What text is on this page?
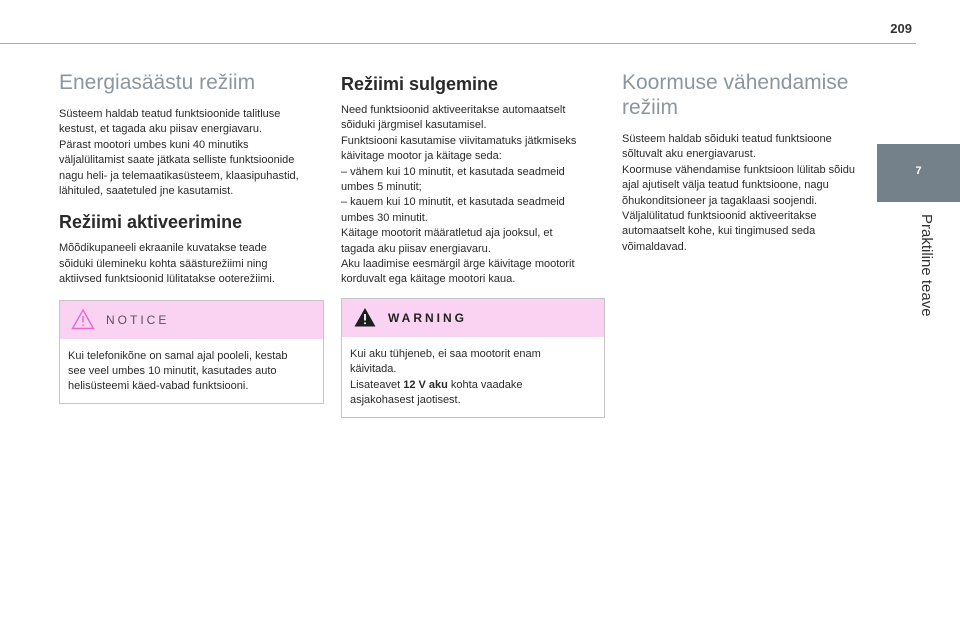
209
7
Praktiline teave
Energiasäästu režiim

Süsteem haldab teatud funktsioonide talitluse
kestust, et tagada aku piisav energiavaru.
Pärast mootori umbes kuni 40 minutiks
väljalülitamist saate jätkata selliste funktsioonide
nagu heli- ja telemaatikasüsteem, klaasipuhastid,
lähituled, saatetuled jne kasutamist.

Režiimi aktiveerimine

Mõõdikupaneeli ekraanile kuvatakse teade
sõiduki ülemineku kohta säästurežiimi ning
aktiivsed funktsioonid lülitatakse ooterežiimi.

NOTICE

Kui telefonikõne on samal ajal pooleli, kestab
see veel umbes 10 minutit, kasutades auto
helisüsteemi käed-vabad funktsiooni.

Režiimi sulgemine

Need funktsioonid aktiveeritakse automaatselt
sõiduki järgmisel kasutamisel.
Funktsiooni kasutamise viivitamatuks jätkmiseks
käivitage mootor ja käitage seda:

– vähem kui 10 minutit, et kasutada seadmeid
umbes 5 minutit;

– kauem kui 10 minutit, et kasutada seadmeid
umbes 30 minutit.

Käitage mootorit määratletud aja jooksul, et
tagada aku piisav energiavaru.
Aku laadimise eesmärgil ärge käivitage mootorit
korduvalt ega käitage mootori kaua.

WARNING

Kui aku tühjeneb, ei saa mootorit enam
käivitada.

Lisateavet 12 V aku kohta vaadake
asjakohasest jaotisest.

Koormuse vähendamise
režiim

Süsteem haldab sõiduki teatud funktsioone
sõltuvalt aku energiavarust.
Koormuse vähendamise funktsioon lülitab sõidu
ajal ajutiselt välja teatud funktsioone, nagu
õhukonditsioneer ja tagaklaasi soojendi.
Väljalülitatud funktsioonid aktiveeritakse
automaatselt kohe, kui tingimused seda
võimaldavad.
